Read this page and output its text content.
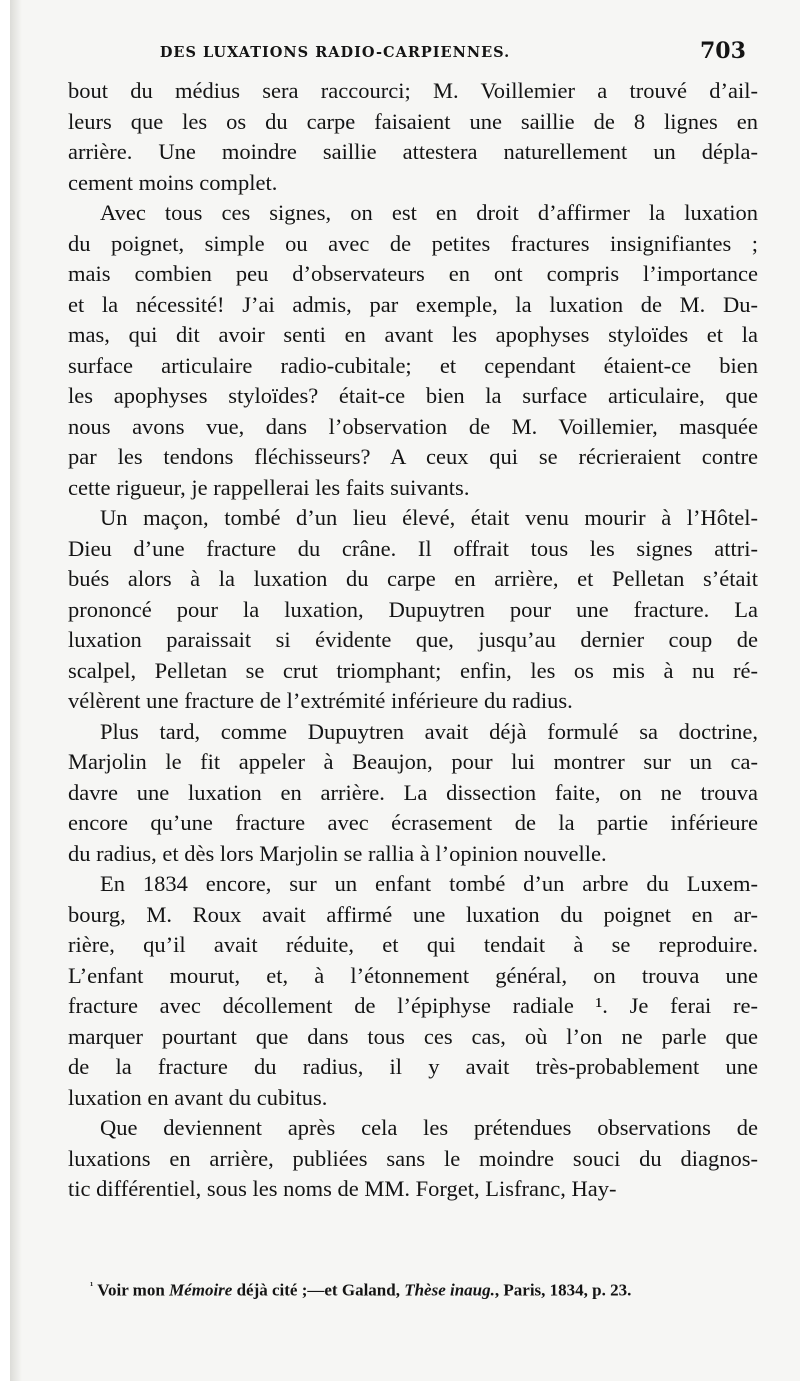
DES LUXATIONS RADIO-CARPIENNES.	703
bout du médius sera raccourci; M. Voillemier a trouvé d’ail-
leurs que les os du carpe faisaient une saillie de 8 lignes en
arrière. Une moindre saillie attestera naturellement un dépla-
cement moins complet.
Avec tous ces signes, on est en droit d’affirmer la luxation
du poignet, simple ou avec de petites fractures insignifiantes ;
mais combien peu d’observateurs en ont compris l’importance
et la nécessité! J’ai admis, par exemple, la luxation de M. Du-
mas, qui dit avoir senti en avant les apophyses styloïdes et la
surface articulaire radio-cubitale; et cependant étaient-ce bien
les apophyses styloïdes? était-ce bien la surface articulaire, que
nous avons vue, dans l’observation de M. Voillemier, masquée
par les tendons fléchisseurs? A ceux qui se récrieraient contre
cette rigueur, je rappellerai les faits suivants.
Un maçon, tombé d’un lieu élevé, était venu mourir à l’Hôtel-
Dieu d’une fracture du crâne. Il offrait tous les signes attri-
bués alors à la luxation du carpe en arrière, et Pelletan s’était
prononcé pour la luxation, Dupuytren pour une fracture. La
luxation paraissait si évidente que, jusqu’au dernier coup de
scalpel, Pelletan se crut triomphant; enfin, les os mis à nu ré-
vélèrent une fracture de l’extrémité inférieure du radius.
Plus tard, comme Dupuytren avait déjà formulé sa doctrine,
Marjolin le fit appeler à Beaujon, pour lui montrer sur un ca-
davre une luxation en arrière. La dissection faite, on ne trouva
encore qu’une fracture avec écrasement de la partie inférieure
du radius, et dès lors Marjolin se rallia à l’opinion nouvelle.
En 1834 encore, sur un enfant tombé d’un arbre du Luxem-
bourg, M. Roux avait affirmé une luxation du poignet en ar-
rière, qu’il avait réduite, et qui tendait à se reproduire.
L’enfant mourut, et, à l’étonnement général, on trouva une
fracture avec décollement de l’épiphyse radiale ¹. Je ferai re-
marquer pourtant que dans tous ces cas, où l’on ne parle que
de la fracture du radius, il y avait très-probablement une
luxation en avant du cubitus.
Que deviennent après cela les prétendues observations de
luxations en arrière, publiées sans le moindre souci du diagnos-
tic différentiel, sous les noms de MM. Forget, Lisfranc, Hay-
$^{^1}$ Voir mon Mémoire déjà cité ;—et Galand, Thèse inaug., Paris, 1834, p. 23.
